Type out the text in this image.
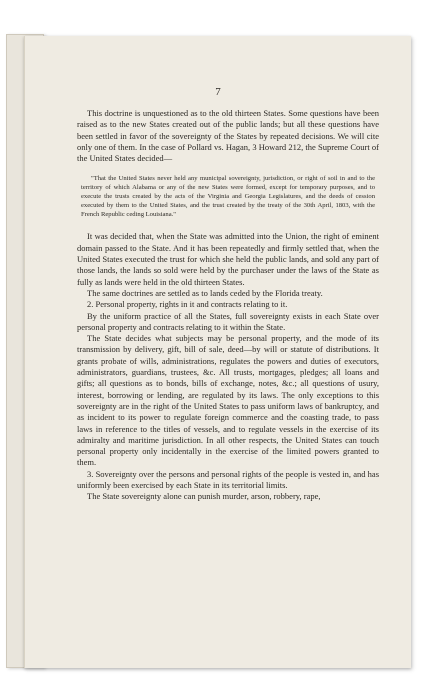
7

This doctrine is unquestioned as to the old thirteen States. Some questions have been raised as to the new States created out of the public lands; but all these questions have been settled in favor of the sovereignty of the States by repeated decisions. We will cite only one of them. In the case of Pollard vs. Hagan, 3 Howard 212, the Supreme Court of the United States decided—

"That the United States never held any municipal sovereignty, jurisdiction, or right of soil in and to the territory of which Alabama or any of the new States were formed, except for temporary purposes, and to execute the trusts created by the acts of the Virginia and Georgia Legislatures, and the deeds of cession executed by them to the United States, and the trust created by the treaty of the 30th April, 1803, with the French Republic ceding Louisiana."

It was decided that, when the State was admitted into the Union, the right of eminent domain passed to the State. And it has been repeatedly and firmly settled that, when the United States executed the trust for which she held the public lands, and sold any part of those lands, the lands so sold were held by the purchaser under the laws of the State as fully as lands were held in the old thirteen States.

The same doctrines are settled as to lands ceded by the Florida treaty.

2. Personal property, rights in it and contracts relating to it.

By the uniform practice of all the States, full sovereignty exists in each State over personal property and contracts relating to it within the State.

The State decides what subjects may be personal property, and the mode of its transmission by delivery, gift, bill of sale, deed—by will or statute of distributions. It grants probate of wills, administrations, regulates the powers and duties of executors, administrators, guardians, trustees, &c. All trusts, mortgages, pledges; all loans and gifts; all questions as to bonds, bills of exchange, notes, &c.; all questions of usury, interest, borrowing or lending, are regulated by its laws. The only exceptions to this sovereignty are in the right of the United States to pass uniform laws of bankruptcy, and as incident to its power to regulate foreign commerce and the coasting trade, to pass laws in reference to the titles of vessels, and to regulate vessels in the exercise of its admiralty and maritime jurisdiction. In all other respects, the United States can touch personal property only incidentally in the exercise of the limited powers granted to them.

3. Sovereignty over the persons and personal rights of the people is vested in, and has uniformly been exercised by each State in its territorial limits.

The State sovereignty alone can punish murder, arson, robbery, rape,
